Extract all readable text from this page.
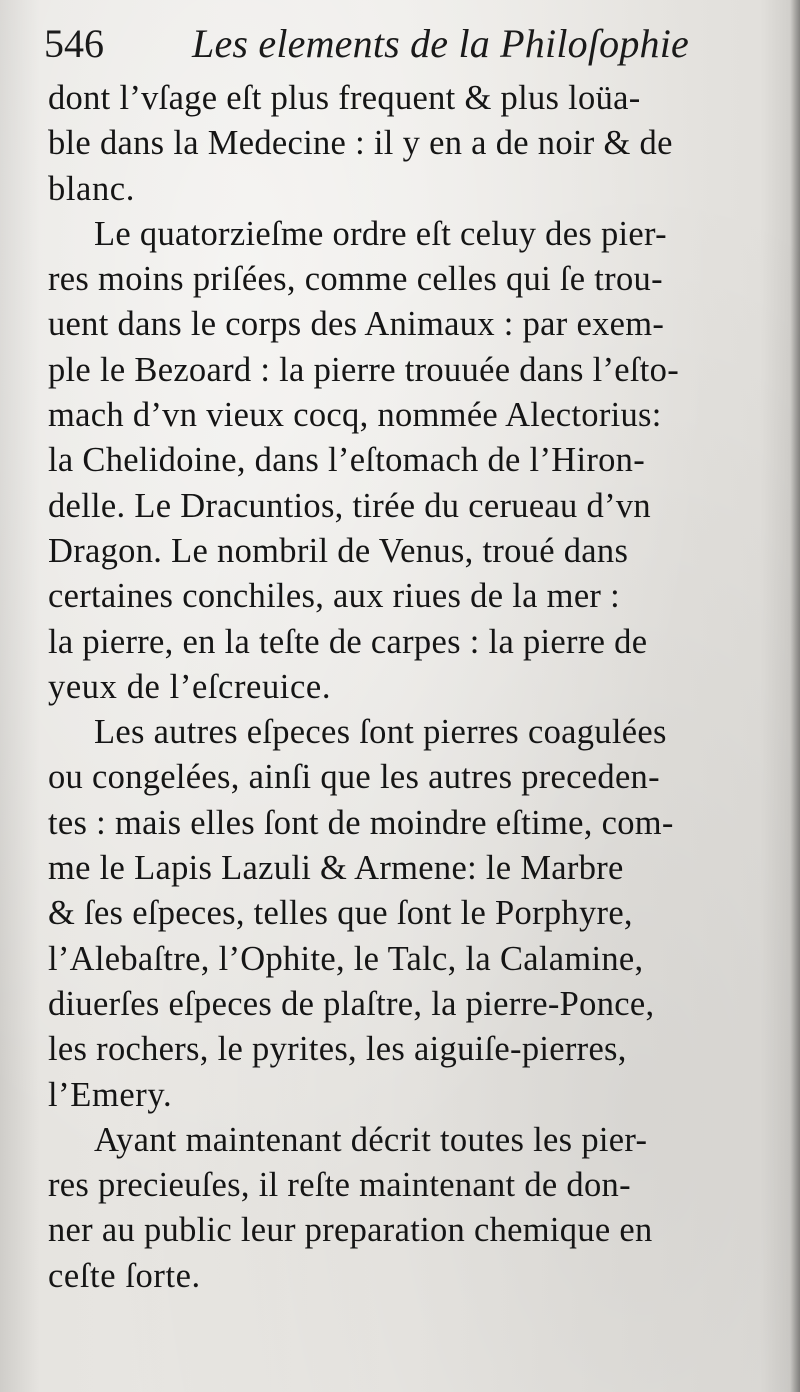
546 Les elements de la Philoſophie
dont l’vſage eſt plus frequent & plus loüa-
ble dans la Medecine : il y en a de noir & de
blanc.
Le quatorzieſme ordre eſt celuy des pier-
res moins priſées, comme celles qui ſe trou-
uent dans le corps des Animaux : par exem-
ple le Bezoard : la pierre trouuée dans l’eſto-
mach d’vn vieux cocq, nommée Alectorius:
la Chelidoine, dans l’eſtomach de l’Hiron-
delle. Le Dracuntios, tirée du cerueau d’vn
Dragon. Le nombril de Venus, troué dans
certaines conchiles, aux riues de la mer :
la pierre, en la teſte de carpes : la pierre de
yeux de l’eſcreuice.
Les autres eſpeces ſont pierres coagulées
ou congelées, ainſi que les autres preceden-
tes : mais elles ſont de moindre eſtime, com-
me le Lapis Lazuli & Armene: le Marbre
& ſes eſpeces, telles que ſont le Porphyre,
l’Alebaſtre, l’Ophite, le Talc, la Calamine,
diuerſes eſpeces de plaſtre, la pierre-Ponce,
les rochers, le pyrites, les aiguiſe-pierres,
l’Emery.
Ayant maintenant décrit toutes les pier-
res precieuſes, il reſte maintenant de don-
ner au public leur preparation chemique en
ceſte ſorte.
